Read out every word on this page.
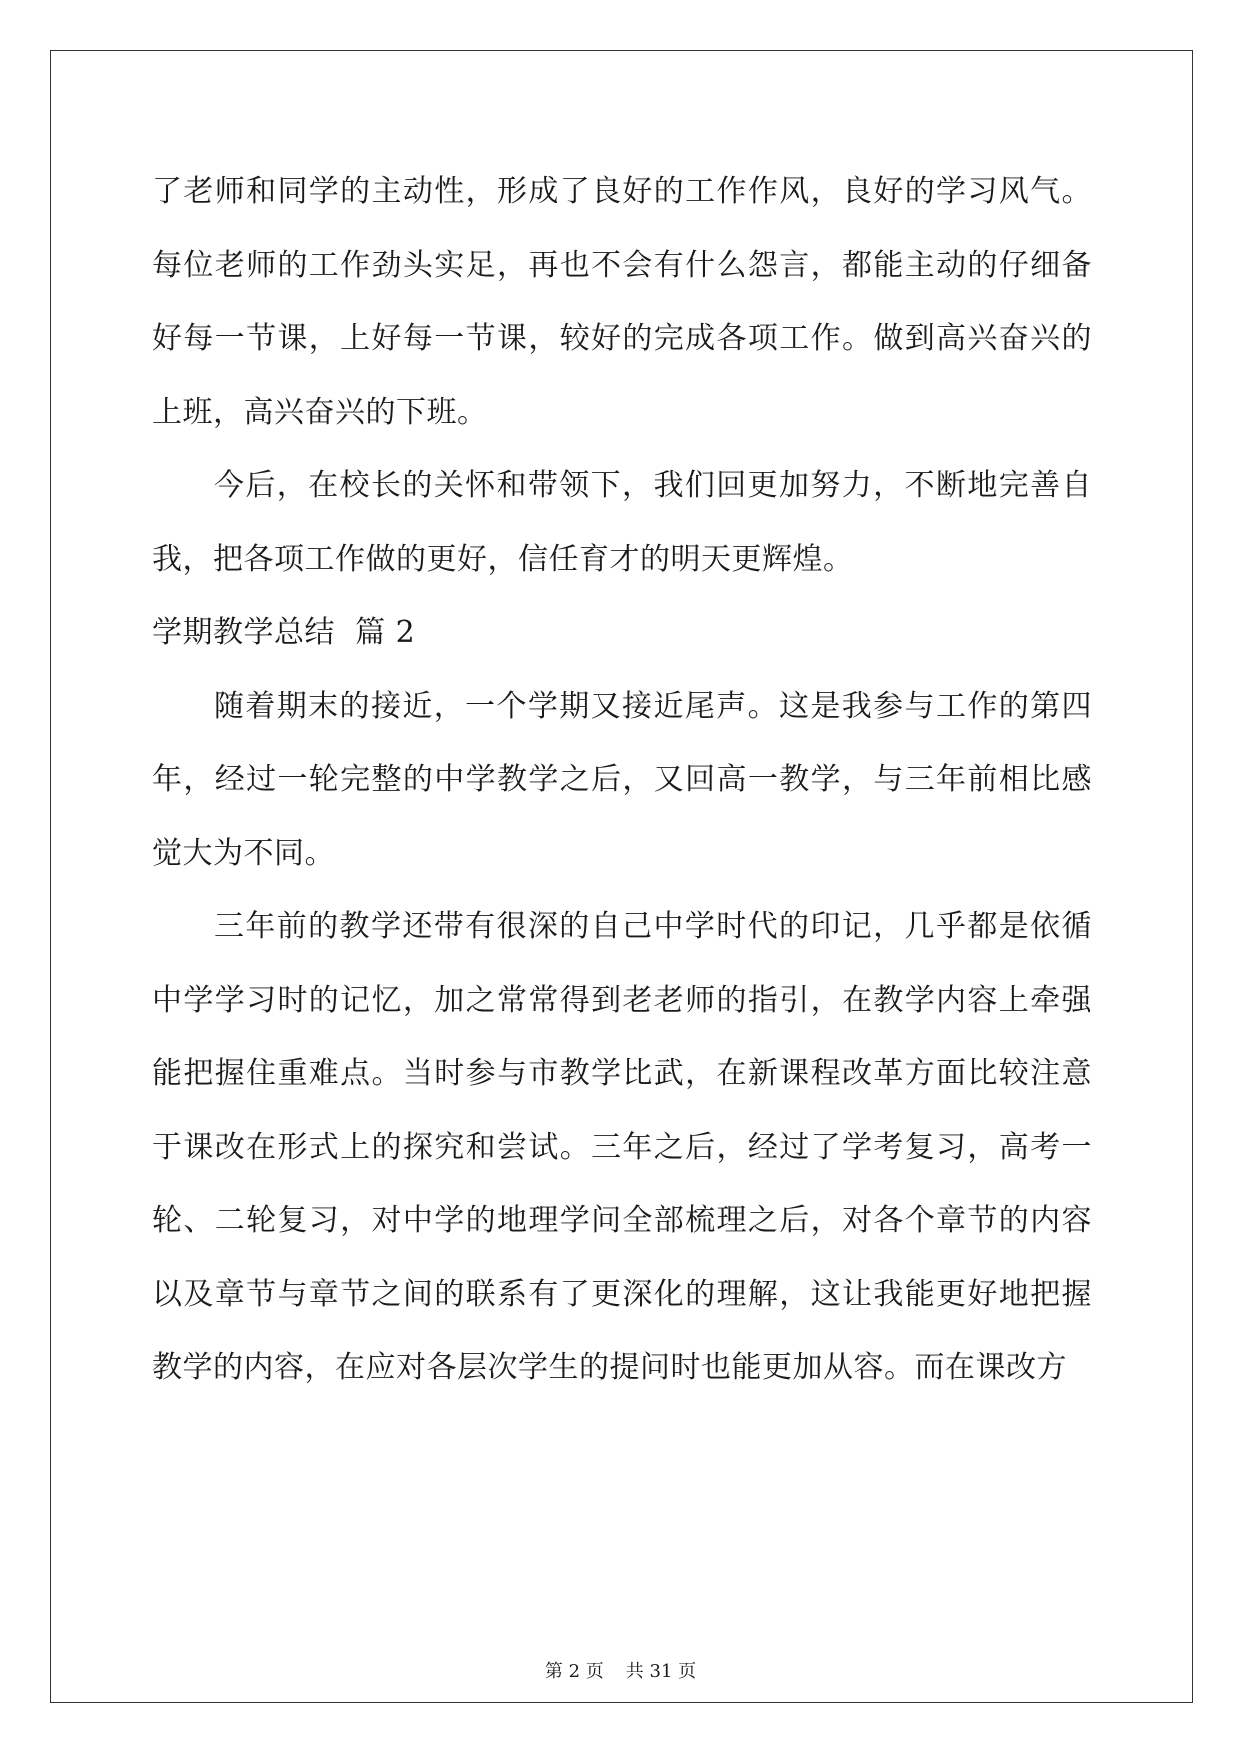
了老师和同学的主动性，形成了良好的工作作风，良好的学习风气。每位老师的工作劲头实足，再也不会有什么怨言，都能主动的仔细备好每一节课，上好每一节课，较好的完成各项工作。做到高兴奋兴的上班，高兴奋兴的下班。

今后，在校长的关怀和带领下，我们回更加努力，不断地完善自我，把各项工作做的更好，信任育才的明天更辉煌。

学期教学总结  篇 2

随着期末的接近，一个学期又接近尾声。这是我参与工作的第四年，经过一轮完整的中学教学之后，又回高一教学，与三年前相比感觉大为不同。

三年前的教学还带有很深的自己中学时代的印记，几乎都是依循中学学习时的记忆，加之常常得到老老师的指引，在教学内容上牵强能把握住重难点。当时参与市教学比武，在新课程改革方面比较注意于课改在形式上的探究和尝试。三年之后，经过了学考复习，高考一轮、二轮复习，对中学的地理学问全部梳理之后，对各个章节的内容以及章节与章节之间的联系有了更深化的理解，这让我能更好地把握教学的内容，在应对各层次学生的提问时也能更加从容。而在课改方

第 2 页 共 31 页
